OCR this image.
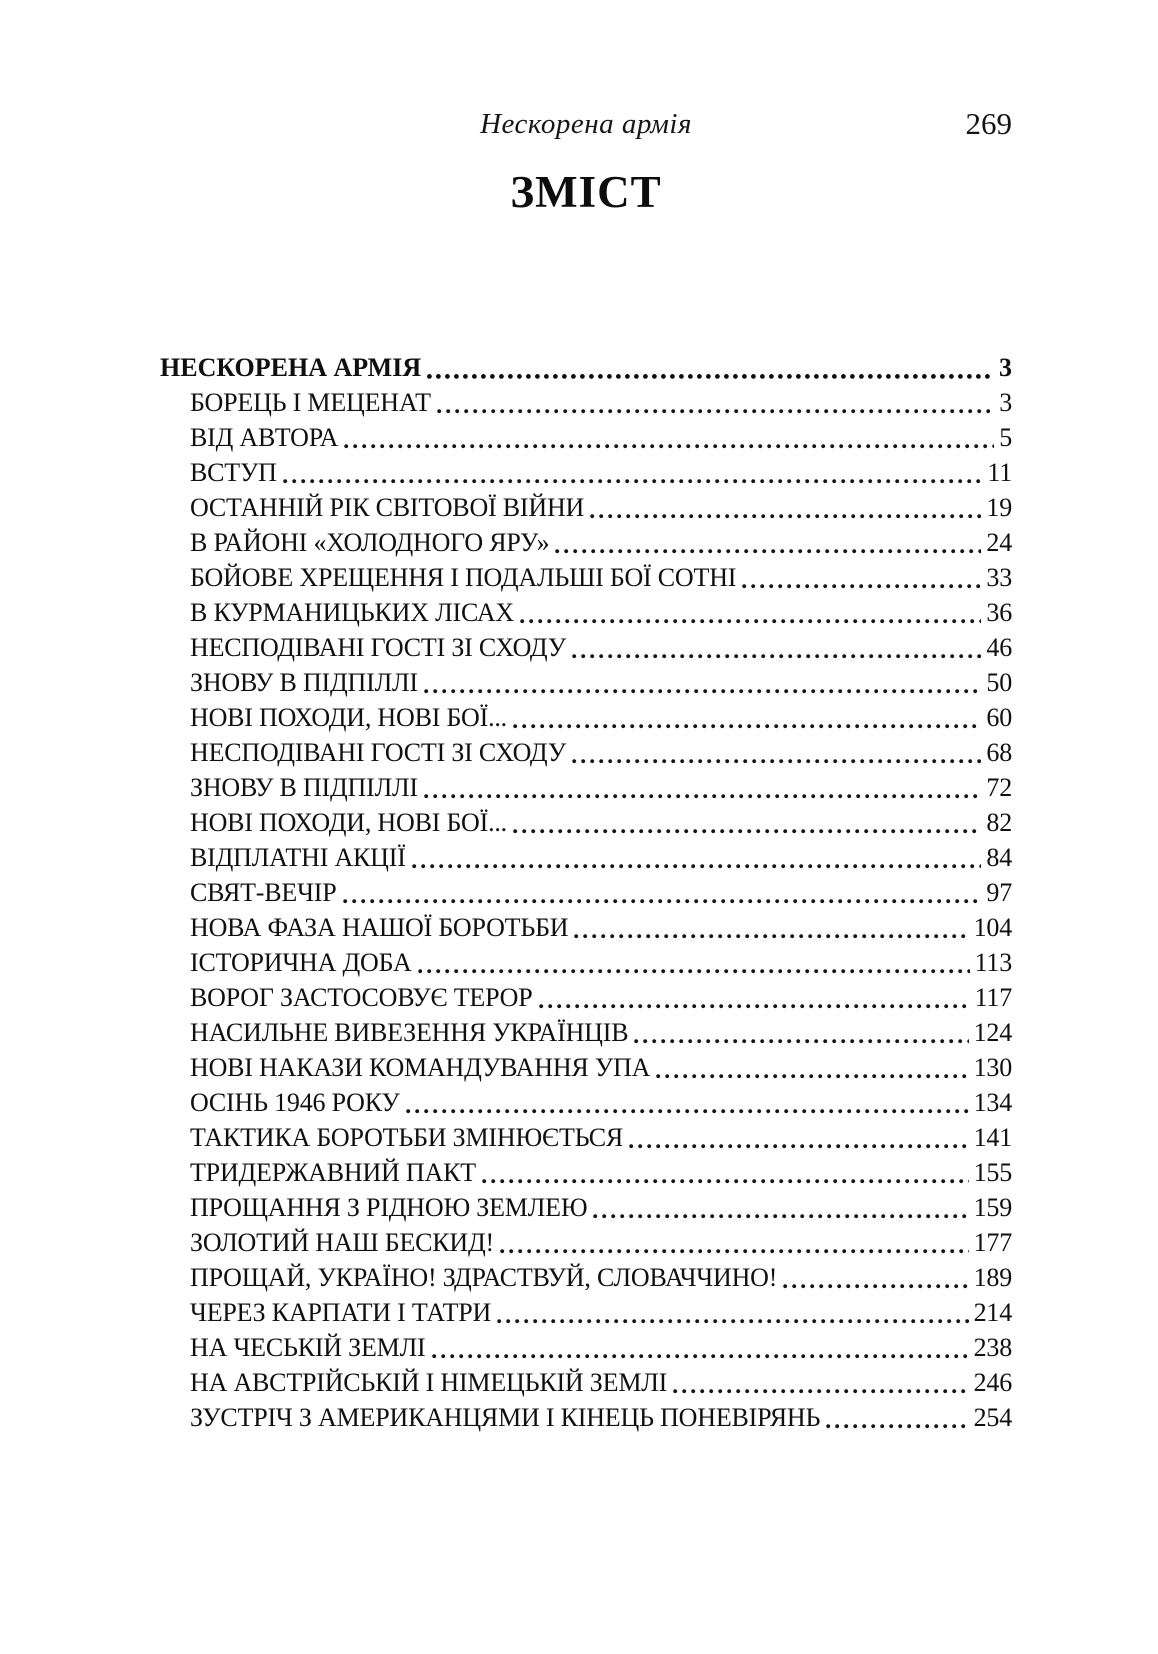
Нескорена армія	269
ЗМІСТ
НЕСКОРЕНА АРМІЯ	3
БОРЕЦЬ І МЕЦЕНАТ	3
ВІД АВТОРА	5
ВСТУП	11
ОСТАННІЙ РІК СВІТОВОЇ ВІЙНИ	19
В РАЙОНІ «ХОЛОДНОГО ЯРУ»	24
БОЙОВЕ ХРЕЩЕННЯ І ПОДАЛЬШІ БОЇ СОТНІ	33
В КУРМАНИЦЬКИХ ЛІСАХ	36
НЕСПОДІВАНІ ГОСТІ ЗІ СХОДУ	46
ЗНОВУ В ПІДПІЛЛІ	50
НОВІ ПОХОДИ, НОВІ БОЇ...	60
НЕСПОДІВАНІ ГОСТІ ЗІ СХОДУ	68
ЗНОВУ В ПІДПІЛЛІ	72
НОВІ ПОХОДИ, НОВІ БОЇ...	82
ВІДПЛАТНІ АКЦІЇ	84
СВЯТ-ВЕЧІР	97
НОВА ФАЗА НАШОЇ БОРОТЬБИ	104
ІСТОРИЧНА ДОБА	113
ВОРОГ ЗАСТОСОВУЄ ТЕРОР	117
НАСИЛЬНЕ ВИВЕЗЕННЯ УКРАЇНЦІВ	124
НОВІ НАКАЗИ КОМАНДУВАННЯ УПА	130
ОСІНЬ 1946 РОКУ	134
ТАКТИКА БОРОТЬБИ ЗМІНЮЄТЬСЯ	141
ТРИДЕРЖАВНИЙ ПАКТ	155
ПРОЩАННЯ З РІДНОЮ ЗЕМЛЕЮ	159
ЗОЛОТИЙ НАШ БЕСКИД!	177
ПРОЩАЙ, УКРАЇНО! ЗДРАСТВУЙ, СЛОВАЧЧИНО!	189
ЧЕРЕЗ КАРПАТИ І ТАТРИ	214
НА ЧЕСЬКІЙ ЗЕМЛІ	238
НА АВСТРІЙСЬКІЙ І НІМЕЦЬКІЙ ЗЕМЛІ	246
ЗУСТРІЧ З АМЕРИКАНЦЯМИ І КІНЕЦЬ ПОНЕВІРЯНЬ	254
